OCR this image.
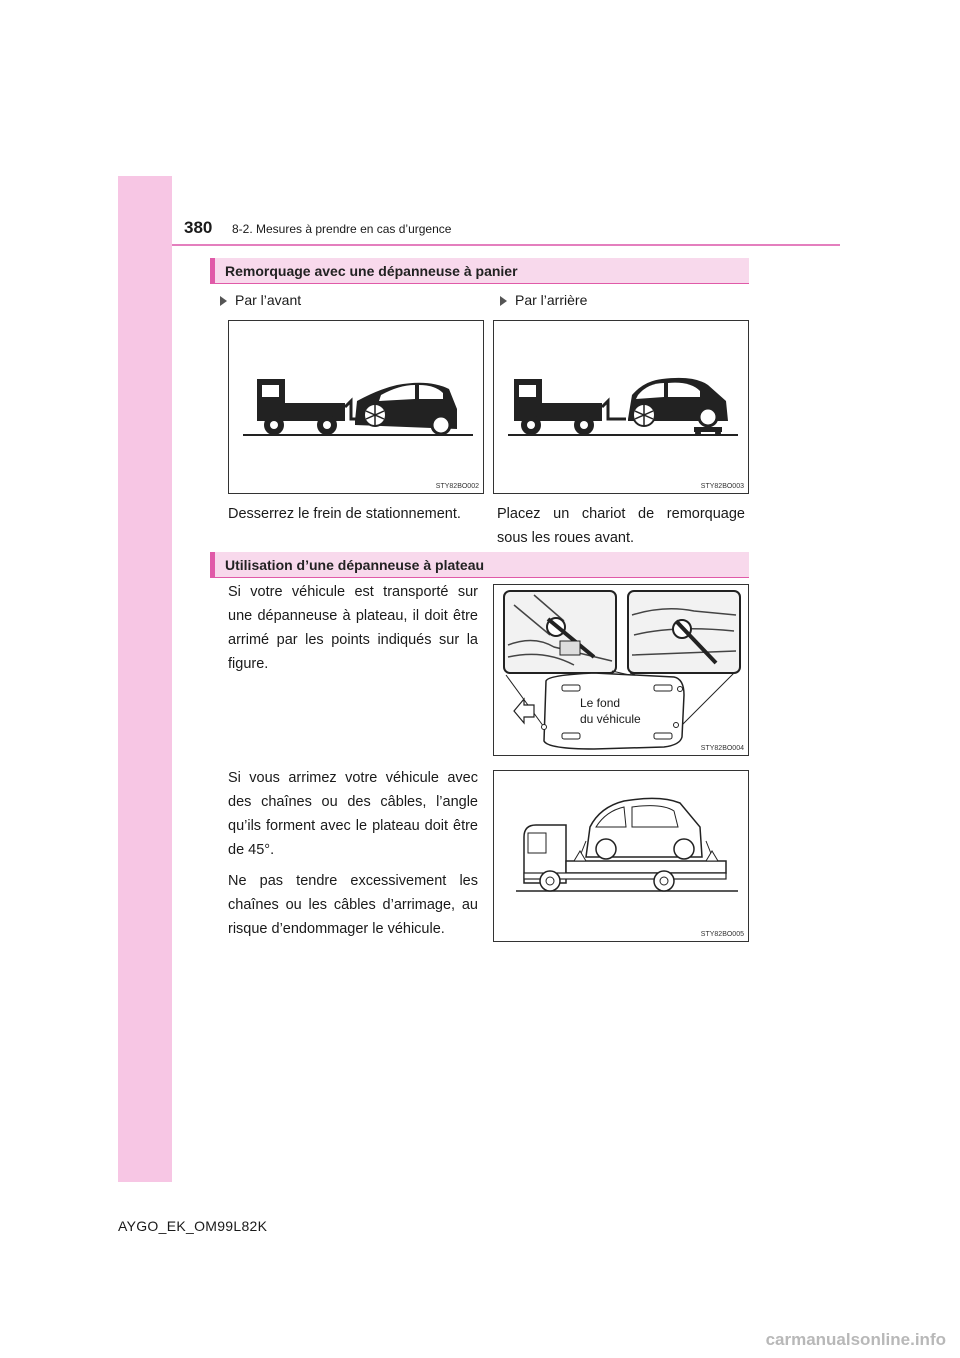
380 8-2. Mesures à prendre en cas d’urgence
Remorquage avec une dépanneuse à panier
Par l’avant	Par l’arrière
STY82BO002	STY82BO003
Desserrez le frein de stationnement.	Placez un chariot de remorquage sous les roues avant.
Utilisation d’une dépanneuse à plateau

Si votre véhicule est transporté sur une dépanneuse à plateau, il doit être arrimé par les points indiqués sur la figure.

Le fond
du véhicule
STY82BO004

Si vous arrimez votre véhicule avec des chaînes ou des câbles, l’angle qu’ils forment avec le plateau doit être de 45°.

Ne pas tendre excessivement les chaînes ou les câbles d’arrimage, au risque d’endommager le véhicule.	STY82BO005
AYGO_EK_OM99L82K
carmanualsonline.info
